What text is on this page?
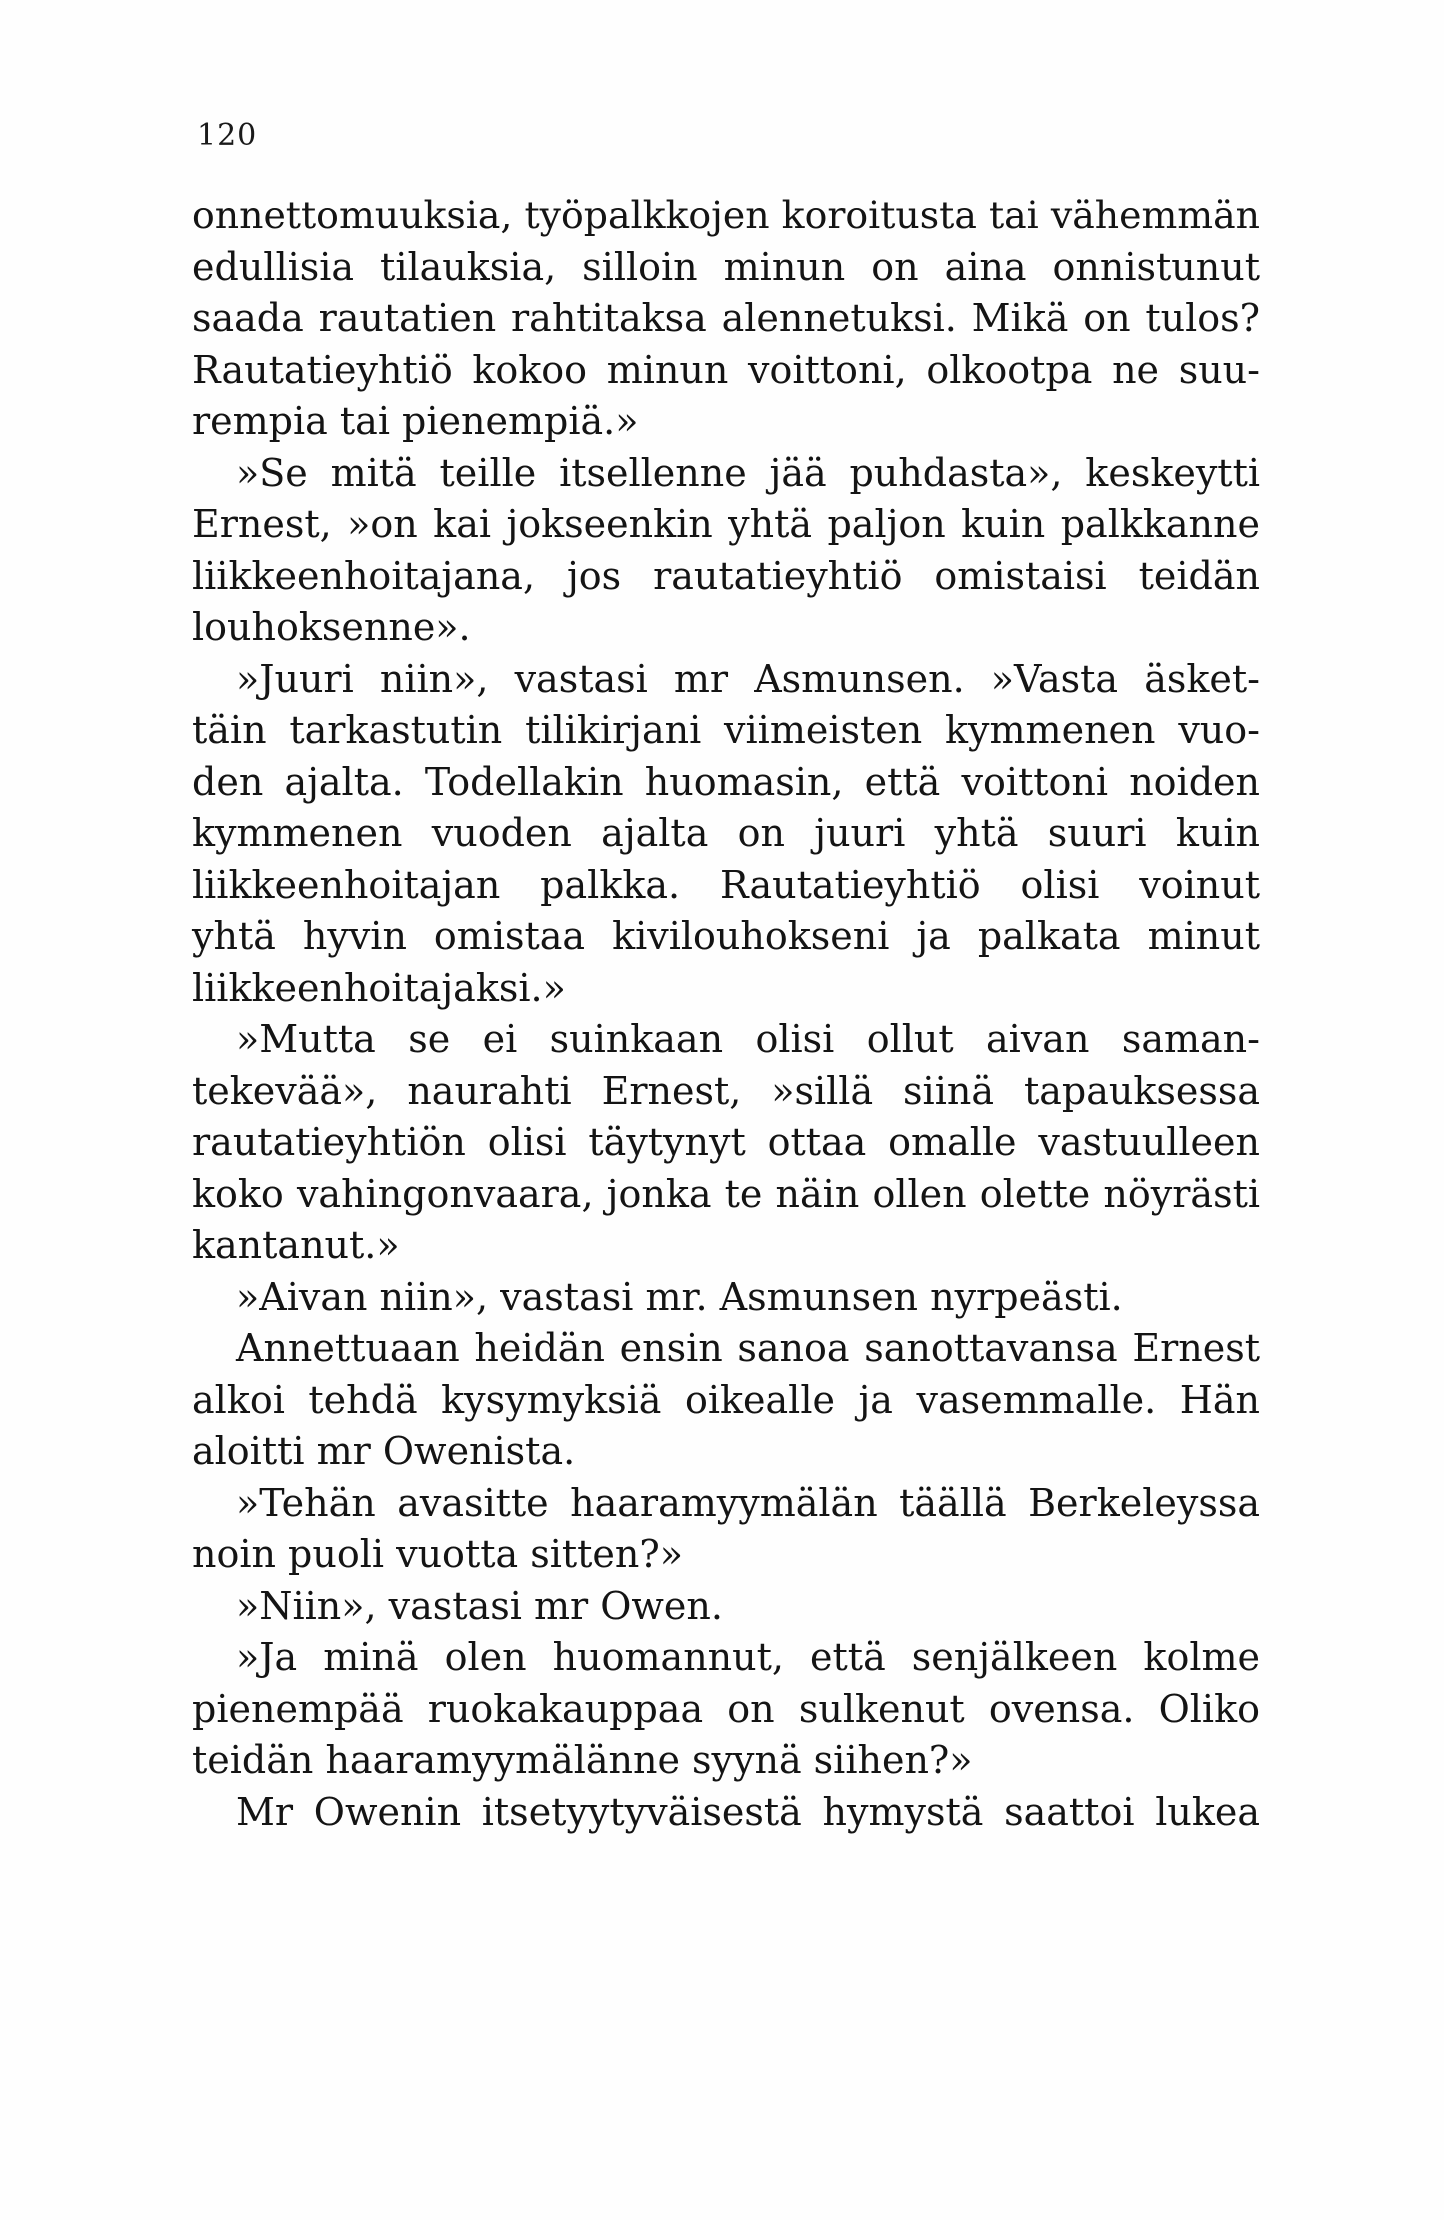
120
onnettomuuksia, työpalkkojen koroitusta tai vähemmän
edullisia tilauksia, silloin minun on aina onnistunut
saada rautatien rahtitaksa alennetuksi. Mikä on tulos?
Rautatieyhtiö kokoo minun voittoni, olkootpa ne suu-
rempia tai pienempiä.»
»Se mitä teille itsellenne jää puhdasta», keskeytti
Ernest, »on kai jokseenkin yhtä paljon kuin palkkanne
liikkeenhoitajana, jos rautatieyhtiö omistaisi teidän
louhoksenne».
»Juuri niin», vastasi mr Asmunsen. »Vasta äsket-
täin tarkastutin tilikirjani viimeisten kymmenen vuo-
den ajalta. Todellakin huomasin, että voittoni noiden
kymmenen vuoden ajalta on juuri yhtä suuri kuin
liikkeenhoitajan palkka. Rautatieyhtiö olisi voinut
yhtä hyvin omistaa kivilouhokseni ja palkata minut
liikkeenhoitajaksi.»
»Mutta se ei suinkaan olisi ollut aivan saman-
tekevää», naurahti Ernest, »sillä siinä tapauksessa
rautatieyhtiön olisi täytynyt ottaa omalle vastuulleen
koko vahingonvaara, jonka te näin ollen olette nöyrästi
kantanut.»
»Aivan niin», vastasi mr. Asmunsen nyrpeästi.
Annettuaan heidän ensin sanoa sanottavansa Ernest
alkoi tehdä kysymyksiä oikealle ja vasemmalle. Hän
aloitti mr Owenista.
»Tehän avasitte haaramyymälän täällä Berkeleyssa
noin puoli vuotta sitten?»
»Niin», vastasi mr Owen.
»Ja minä olen huomannut, että senjälkeen kolme
pienempää ruokakauppaa on sulkenut ovensa. Oliko
teidän haaramyymälänne syynä siihen?»
Mr Owenin itsetyytyväisestä hymystä saattoi lukea
